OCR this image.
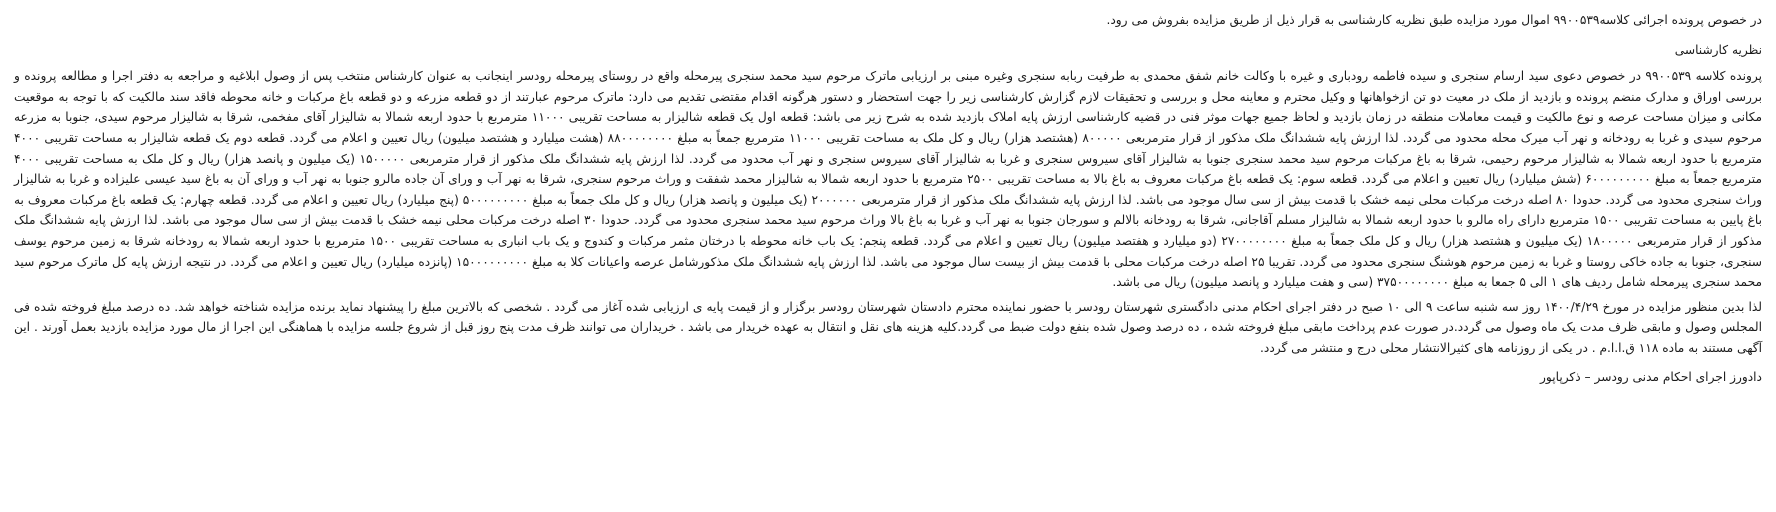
در خصوص پرونده اجرائی کلاسه۹۹۰۰۵۳۹ اموال مورد مزایده طبق نظریه کارشناسی به قرار ذیل از طریق مزایده بفروش می رود.

نظریه کارشناسی

پرونده کلاسه ۹۹۰۰۵۳۹ در خصوص دعوی سید ارسام سنجری و سیده فاطمه رودباری و غیره با وکالت خانم شفق محمدی به طرفیت ربابه سنجری وغیره مبنی بر ارزیابی ماترک مرحوم سید محمد سنجری پیرمحله واقع در روستای پیرمحله رودسر اینجانب به عنوان کارشناس منتخب پس از وصول ابلاغیه و مراجعه به دفتر اجرا و مطالعه پرونده و بررسی اوراق و مدارک منضم پرونده و بازدید از ملک در معیت دو تن ازخواهانها و وکیل محترم و معاینه محل و بررسی و تحقیقات لازم گزارش کارشناسی زیر را جهت استحضار و دستور هرگونه اقدام مقتضی تقدیم می دارد: ماترک مرحوم عبارتند از دو قطعه مزرعه و دو قطعه باغ مرکبات و خانه محوطه فاقد سند مالکیت که با توجه به موقعیت مکانی و میزان مساحت عرصه و نوع مالکیت و قیمت معاملات منطقه در زمان بازدید و لحاظ جمیع جهات موثر فنی در قضیه کارشناسی ارزش پایه املاک بازدید شده به شرح زیر می باشد: قطعه اول یک قطعه شالیزار به مساحت تقریبی ۱۱۰۰۰ مترمربع با حدود اربعه شمالا به شالیزار آقای مفخمی، شرقا به شالیزار مرحوم سیدی، جنوبا به مزرعه مرحوم سیدی و غربا به رودخانه و نهر آب میرک محله محدود می گردد. لذا ارزش پایه ششدانگ ملک مذکور از قرار مترمربعی ۸۰۰۰۰۰ (هشتصد هزار) ریال و کل ملک به مساحت تقریبی ۱۱۰۰۰ مترمربع جمعاً به مبلغ ۸۸۰۰۰۰۰۰۰۰ (هشت میلیارد و هشتصد میلیون) ریال تعیین و اعلام می گردد. قطعه دوم یک قطعه شالیزار به مساحت تقریبی ۴۰۰۰ مترمربع با حدود اربعه شمالا به شالیزار مرحوم رحیمی، شرقا به باغ مرکبات مرحوم سید محمد سنجری جنوبا به شالیزار آقای سیروس سنجری و غربا به شالیزار آقای سیروس سنجری و نهر آب محدود می گردد. لذا ارزش پایه ششدانگ ملک مذکور از قرار مترمربعی ۱۵۰۰۰۰۰ (یک میلیون و پانصد هزار) ریال و کل ملک به مساحت تقریبی ۴۰۰۰ مترمربع جمعاً به مبلغ ۶۰۰۰۰۰۰۰۰۰ (شش میلیارد) ریال تعیین و اعلام می گردد. قطعه سوم: یک قطعه باغ مرکبات معروف به باغ بالا به مساحت تقریبی ۲۵۰۰ مترمربع با حدود اربعه شمالا به شالیزار محمد شفقت و وراث مرحوم سنجری، شرقا به نهر آب و ورای آن جاده مالرو جنوبا به نهر آب و ورای آن به باغ سید عیسی علیزاده و غربا به شالیزار وراث سنجری محدود می گردد. حدودا ۸۰ اصله درخت مرکبات محلی نیمه خشک با قدمت بیش از سی سال موجود می باشد. لذا ارزش پایه ششدانگ ملک مذکور از قرار مترمربعی ۲۰۰۰۰۰۰ (یک میلیون و پانصد هزار) ریال و کل ملک جمعاً به مبلغ ۵۰۰۰۰۰۰۰۰۰ (پنج میلیارد) ریال تعیین و اعلام می گردد. قطعه چهارم: یک قطعه باغ مرکبات معروف به باغ پایین به مساحت تقریبی ۱۵۰۰ مترمربع دارای راه مالرو با حدود اربعه شمالا به شالیزار مسلم آقاجانی، شرقا به رودخانه بالالم و سورجان جنوبا به نهر آب و غربا به باغ بالا وراث مرحوم سید محمد سنجری محدود می گردد. حدودا ۳۰ اصله درخت مرکبات محلی نیمه خشک با قدمت بیش از سی سال موجود می باشد. لذا ارزش پایه ششدانگ ملک مذکور از قرار مترمربعی ۱۸۰۰۰۰۰ (یک میلیون و هشتصد هزار) ریال و کل ملک جمعاً به مبلغ ۲۷۰۰۰۰۰۰۰۰ (دو میلیارد و هفتصد میلیون) ریال تعیین و اعلام می گردد. قطعه پنجم: یک باب خانه محوطه با درختان مثمر مرکبات و کندوج و یک باب انباری به مساحت تقریبی ۱۵۰۰ مترمربع با حدود اربعه شمالا به رودخانه شرقا به زمین مرحوم یوسف سنجری، جنوبا به جاده خاکی روستا و غربا به زمین مرحوم هوشنگ سنجری محدود می گردد. تقریبا ۲۵ اصله درخت مرکبات محلی با قدمت بیش از بیست سال موجود می باشد. لذا ارزش پایه ششدانگ ملک مذکورشامل عرصه واعیانات کلا به مبلغ ۱۵۰۰۰۰۰۰۰۰۰ (پانزده میلیارد) ریال تعیین و اعلام می گردد. در نتیجه ارزش پایه کل ماترک مرحوم سید محمد سنجری پیرمحله شامل ردیف های ۱ الی ۵ جمعا به مبلغ ۳۷۵۰۰۰۰۰۰۰۰ (سی و هفت میلیارد و پانصد میلیون) ریال می باشد.

لذا بدین منظور مزایده در مورخ ۱۴۰۰/۴/۲۹ روز سه شنبه ساعت ۹ الی ۱۰ صبح در دفتر اجرای احکام مدنی دادگستری شهرستان رودسر با حضور نماینده محترم دادستان شهرستان رودسر برگزار و از قیمت پایه ی ارزیابی شده آغاز می گردد . شخصی که بالاترین مبلغ را پیشنهاد نماید برنده مزایده شناخته خواهد شد. ده درصد مبلغ فروخته شده فی المجلس وصول و مابقی ظرف مدت یک ماه وصول می گردد.در صورت عدم پرداخت مابقی مبلغ فروخته شده ، ده درصد وصول شده بنفع دولت ضبط می گردد.کلیه هزینه های نقل و انتقال به عهده خریدار می باشد . خریداران می توانند ظرف مدت پنج روز قبل از شروع جلسه مزایده با هماهنگی این اجرا از مال مورد مزایده بازدید بعمل آورند . این آگهی مستند به ماده ۱۱۸ ق.ا.ا.م . در یکی از روزنامه های کثیرالانتشار محلی درج و منتشر می گردد.

دادورز اجرای احکام مدنی رودسر – ذکرپاپور
